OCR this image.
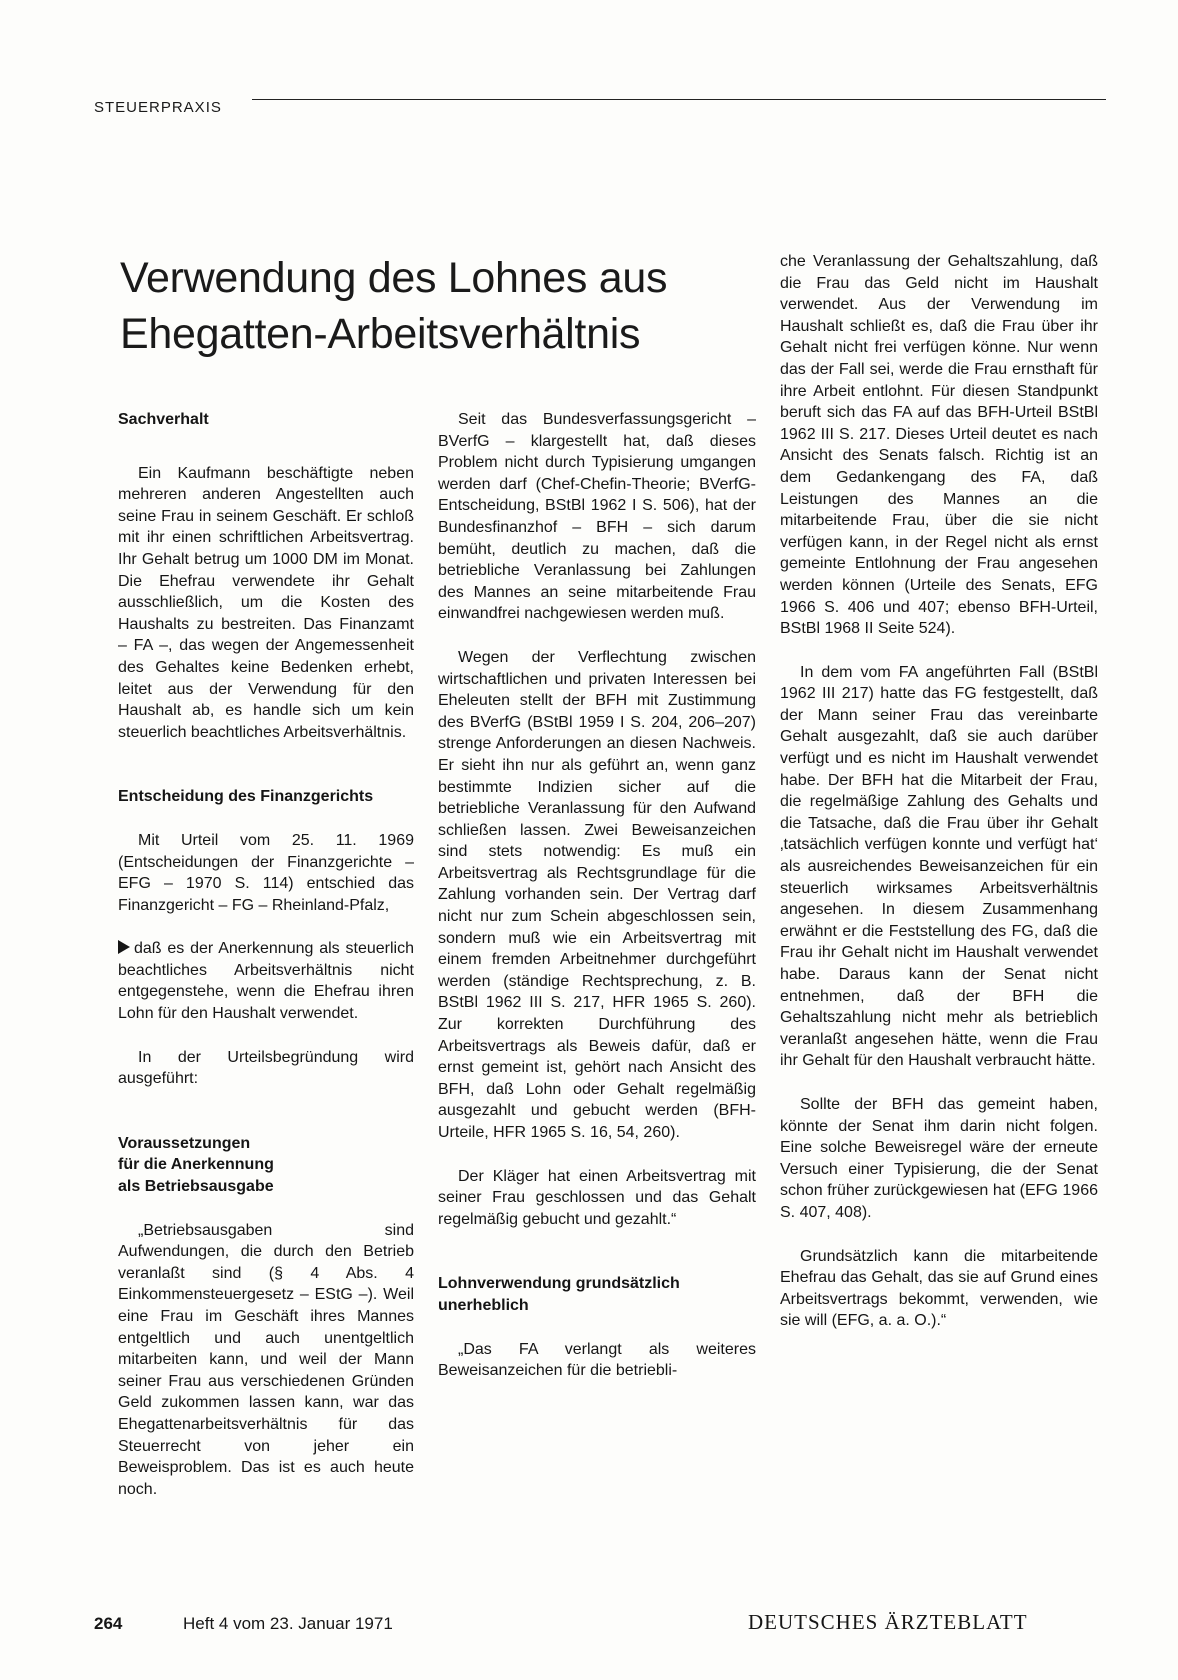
STEUERPRAXIS
Verwendung des Lohnes aus Ehegatten-Arbeitsverhältnis

Sachverhalt

Ein Kaufmann beschäftigte neben mehreren anderen Angestellten auch seine Frau in seinem Geschäft. Er schloß mit ihr einen schriftlichen Arbeitsvertrag. Ihr Gehalt betrug um 1000 DM im Monat. Die Ehefrau verwendete ihr Gehalt ausschließlich, um die Kosten des Haushalts zu bestreiten. Das Finanzamt – FA –, das wegen der Angemessenheit des Gehaltes keine Bedenken erhebt, leitet aus der Verwendung für den Haushalt ab, es handle sich um kein steuerlich beachtliches Arbeitsverhältnis.

Entscheidung des Finanzgerichts

Mit Urteil vom 25. 11. 1969 (Entscheidungen der Finanzgerichte – EFG – 1970 S. 114) entschied das Finanzgericht – FG – Rheinland-Pfalz,

daß es der Anerkennung als steuerlich beachtliches Arbeitsverhältnis nicht entgegenstehe, wenn die Ehefrau ihren Lohn für den Haushalt verwendet.

In der Urteilsbegründung wird ausgeführt:

Voraussetzungen

für die Anerkennung

als Betriebsausgabe

„Betriebsausgaben sind Aufwendungen, die durch den Betrieb veranlaßt sind (§ 4 Abs. 4 Einkommensteuergesetz – EStG –). Weil eine Frau im Geschäft ihres Mannes entgeltlich und auch unentgeltlich mitarbeiten kann, und weil der Mann seiner Frau aus verschiedenen Gründen Geld zukommen lassen kann, war das Ehegattenarbeitsverhältnis für das Steuerrecht von jeher ein Beweisproblem. Das ist es auch heute noch.

Seit das Bundesverfassungsgericht – BVerfG – klargestellt hat, daß dieses Problem nicht durch Typisierung umgangen werden darf (Chef-Chefin-Theorie; BVerfG-Entscheidung, BStBl 1962 I S. 506), hat der Bundesfinanzhof – BFH – sich darum bemüht, deutlich zu machen, daß die betriebliche Veranlassung bei Zahlungen des Mannes an seine mitarbeitende Frau einwandfrei nachgewiesen werden muß.

Wegen der Verflechtung zwischen wirtschaftlichen und privaten Interessen bei Eheleuten stellt der BFH mit Zustimmung des BVerfG (BStBl 1959 I S. 204, 206–207) strenge Anforderungen an diesen Nachweis. Er sieht ihn nur als geführt an, wenn ganz bestimmte Indizien sicher auf die betriebliche Veranlassung für den Aufwand schließen lassen. Zwei Beweisanzeichen sind stets notwendig: Es muß ein Arbeitsvertrag als Rechtsgrundlage für die Zahlung vorhanden sein. Der Vertrag darf nicht nur zum Schein abgeschlossen sein, sondern muß wie ein Arbeitsvertrag mit einem fremden Arbeitnehmer durchgeführt werden (ständige Rechtsprechung, z. B. BStBl 1962 III S. 217, HFR 1965 S. 260). Zur korrekten Durchführung des Arbeitsvertrags als Beweis dafür, daß er ernst gemeint ist, gehört nach Ansicht des BFH, daß Lohn oder Gehalt regelmäßig ausgezahlt und gebucht werden (BFH-Urteile, HFR 1965 S. 16, 54, 260).

Der Kläger hat einen Arbeitsvertrag mit seiner Frau geschlossen und das Gehalt regelmäßig gebucht und gezahlt.“

Lohnverwendung grundsätzlich

unerheblich

„Das FA verlangt als weiteres Beweisanzeichen für die betriebli-

che Veranlassung der Gehaltszahlung, daß die Frau das Geld nicht im Haushalt verwendet. Aus der Verwendung im Haushalt schließt es, daß die Frau über ihr Gehalt nicht frei verfügen könne. Nur wenn das der Fall sei, werde die Frau ernsthaft für ihre Arbeit entlohnt. Für diesen Standpunkt beruft sich das FA auf das BFH-Urteil BStBl 1962 III S. 217. Dieses Urteil deutet es nach Ansicht des Senats falsch. Richtig ist an dem Gedankengang des FA, daß Leistungen des Mannes an die mitarbeitende Frau, über die sie nicht verfügen kann, in der Regel nicht als ernst gemeinte Entlohnung der Frau angesehen werden können (Urteile des Senats, EFG 1966 S. 406 und 407; ebenso BFH-Urteil, BStBl 1968 II Seite 524).

In dem vom FA angeführten Fall (BStBl 1962 III 217) hatte das FG festgestellt, daß der Mann seiner Frau das vereinbarte Gehalt ausgezahlt, daß sie auch darüber verfügt und es nicht im Haushalt verwendet habe. Der BFH hat die Mitarbeit der Frau, die regelmäßige Zahlung des Gehalts und die Tatsache, daß die Frau über ihr Gehalt ‚tatsächlich verfügen konnte und verfügt hat‘ als ausreichendes Beweisanzeichen für ein steuerlich wirksames Arbeitsverhältnis angesehen. In diesem Zusammenhang erwähnt er die Feststellung des FG, daß die Frau ihr Gehalt nicht im Haushalt verwendet habe. Daraus kann der Senat nicht entnehmen, daß der BFH die Gehaltszahlung nicht mehr als betrieblich veranlaßt angesehen hätte, wenn die Frau ihr Gehalt für den Haushalt verbraucht hätte.

Sollte der BFH das gemeint haben, könnte der Senat ihm darin nicht folgen. Eine solche Beweisregel wäre der erneute Versuch einer Typisierung, die der Senat schon früher zurückgewiesen hat (EFG 1966 S. 407, 408).

Grundsätzlich kann die mitarbeitende Ehefrau das Gehalt, das sie auf Grund eines Arbeitsvertrags bekommt, verwenden, wie sie will (EFG, a. a. O.).“

264	Heft 4 vom 23. Januar 1971	DEUTSCHES ÄRZTEBLATT
